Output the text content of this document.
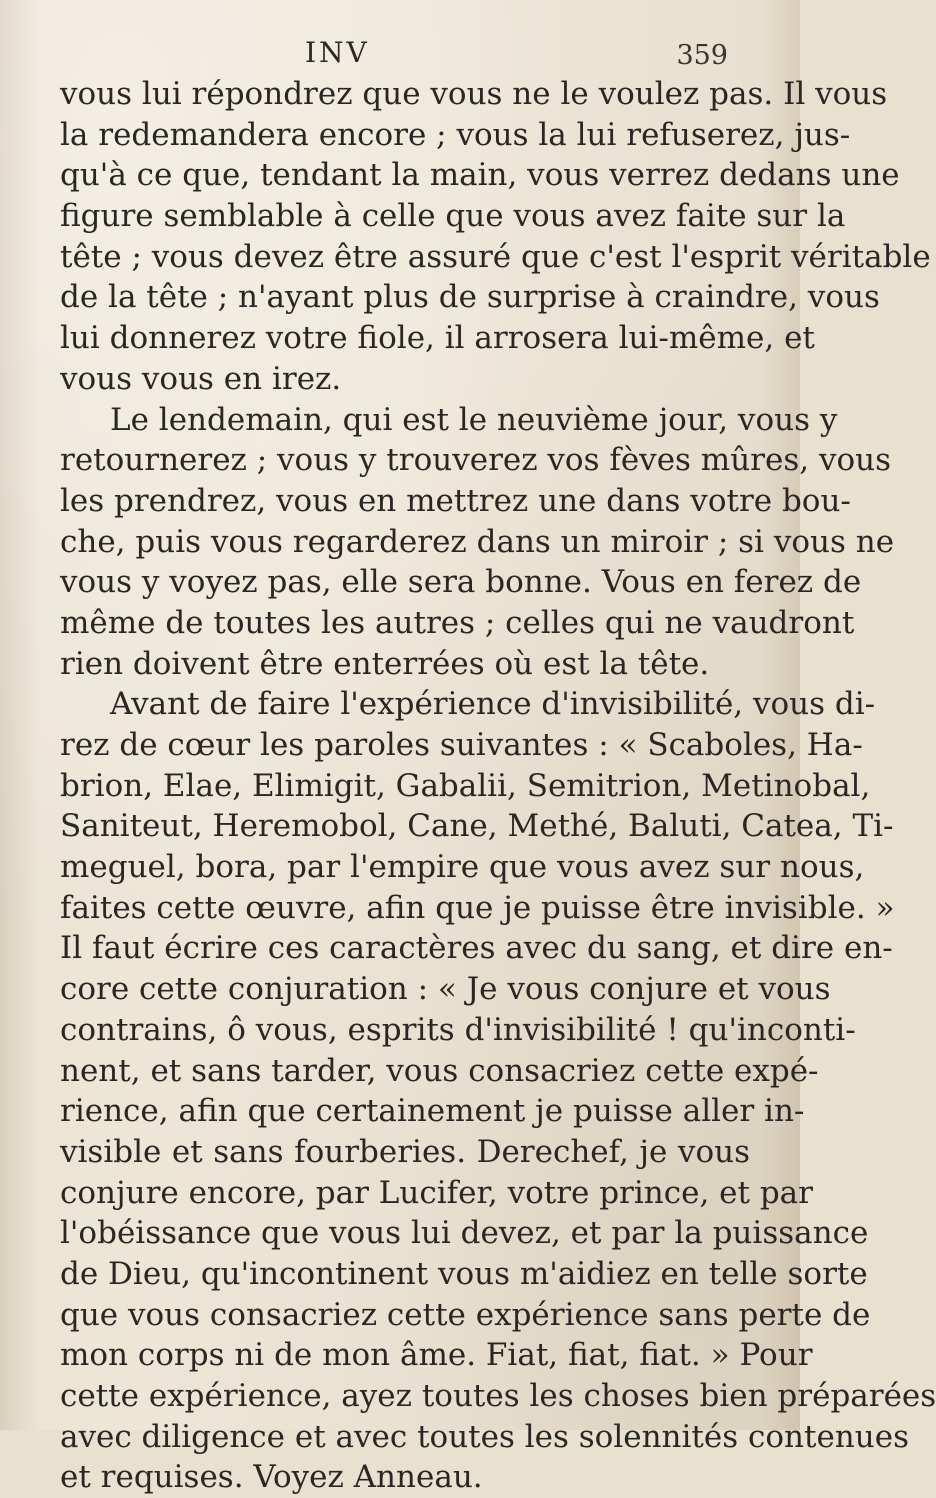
INV	359
vous lui répondrez que vous ne le voulez pas. Il vous
la redemandera encore ; vous la lui refuserez, jus-
qu'à ce que, tendant la main, vous verrez dedans une
figure semblable à celle que vous avez faite sur la
tête ; vous devez être assuré que c'est l'esprit véritable
de la tête ; n'ayant plus de surprise à craindre, vous
lui donnerez votre fiole, il arrosera lui-même, et
vous vous en irez.
Le lendemain, qui est le neuvième jour, vous y
retournerez ; vous y trouverez vos fèves mûres, vous
les prendrez, vous en mettrez une dans votre bou-
che, puis vous regarderez dans un miroir ; si vous ne
vous y voyez pas, elle sera bonne. Vous en ferez de
même de toutes les autres ; celles qui ne vaudront
rien doivent être enterrées où est la tête.
Avant de faire l'expérience d'invisibilité, vous di-
rez de cœur les paroles suivantes : « Scaboles, Ha-
brion, Elae, Elimigit, Gabalii, Semitrion, Metinobal,
Saniteut, Heremobol, Cane, Methé, Baluti, Catea, Ti-
meguel, bora, par l'empire que vous avez sur nous,
faites cette œuvre, afin que je puisse être invisible. »
Il faut écrire ces caractères avec du sang, et dire en-
core cette conjuration : « Je vous conjure et vous
contrains, ô vous, esprits d'invisibilité ! qu'inconti-
nent, et sans tarder, vous consacriez cette expé-
rience, afin que certainement je puisse aller in-
visible et sans fourberies. Derechef, je vous
conjure encore, par Lucifer, votre prince, et par
l'obéissance que vous lui devez, et par la puissance
de Dieu, qu'incontinent vous m'aidiez en telle sorte
que vous consacriez cette expérience sans perte de
mon corps ni de mon âme. Fiat, fiat, fiat. » Pour
cette expérience, ayez toutes les choses bien préparées
avec diligence et avec toutes les solennités contenues
et requises. Voyez Anneau.
